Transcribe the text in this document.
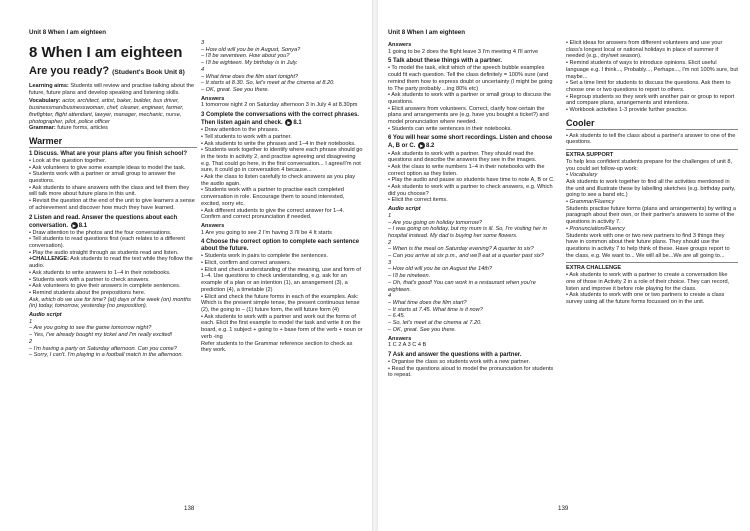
Unit 8 When I am eighteen
8 When I am eighteen
Are you ready? (Student's Book Unit 8)

Learning aims: Students will review and practise talking about the future, future plans and develop speaking and listening skills.

Vocabulary: actor, architect, artist, baker, builder, bus driver, businessman/businesswoman, chef, cleaner, engineer, farmer, firefighter, flight attendant, lawyer, manager, mechanic, nurse, photographer, pilot, police officer

Grammar: future forms, articles

Warmer
1 Discuss. What are your plans after you finish school?

• Look at the question together.

• Ask volunteers to give some example ideas to model the task.

• Students work with a partner or small group to answer the questions.

• Ask students to share answers with the class and tell them they will talk more about future plans in this unit.

• Revisit the question at the end of the unit to give learners a sense of achievement and discover how much they have learned.

2 Listen and read. Answer the questions about each conversation. ▶ 8.1

• Draw attention to the photos and the four conversations.

• Tell students to read questions first (each relates to a different conversation).

• Play the audio straight through as students read and listen.

+CHALLENGE: Ask students to read the text while they follow the audio.

• Ask students to write answers to 1–4 in their notebooks.

• Students work with a partner to check answers.

• Ask volunteers to give their answers in complete sentences.

• Remind students about the prepositions here.

Ask, which do we use for time? (at) days of the week (on) months (in) today, tomorrow, yesterday (no preposition).

Audio script

1

– Are you going to see the game tomorrow night?

– Yes, I've already bought my ticket and I'm really excited!

2

– I'm having a party on Saturday afternoon. Can you come?

– Sorry, I can't. I'm playing in a football match in the afternoon.

3

– How old will you be in August, Sonya?

– I'll be seventeen. How about you?

– I'll be eighteen. My birthday is in July.

4

– What time does the film start tonight?

– It starts at 8.30. So, let's meet at the cinema at 8.20.

– OK, great. See you there.

Answers

1 tomorrow night 2 on Saturday afternoon 3 in July 4 at 8.30pm

3 Complete the conversations with the correct phrases. Then listen again and check. ▶ 8.1

• Draw attention to the phrases.

• Tell students to work with a partner.

• Ask students to write the phrases and 1–4 in their notebooks.

• Students work together to identify where each phrase should go in the texts in activity 2, and practise agreeing and disagreeing e.g. That could go here, in the first conversation... I agree/I'm not sure, it could go in conversation 4 because...

• Ask the class to listen carefully to check answers as you play the audio again.

• Students work with a partner to practise each completed conversation in role. Encourage them to sound interested, excited, sorry etc.

• Ask different students to give the correct answer for 1–4. Confirm and correct pronunciation if needed.

Answers

1 Are you going to see 2 I'm having 3 I'll be 4 It starts

4 Choose the correct option to complete each sentence about the future.

• Students work in pairs to complete the sentences.

• Elicit, confirm and correct answers.

• Elicit and check understanding of the meaning, use and form of 1–4. Use questions to check understanding, e.g. ask for an example of a plan or an intention (1), an arrangement (3), a prediction (4), a timetable (2)

• Elicit and check the future forms in each of the examples. Ask: Which is the present simple tense, the present continuous tense (2), the going to – (1) future form, the will future form (4)

• Ask students to work with a partner and work out the forms of each. Elicit the first example to model the task and write it on the board, e.g. 1 subject + going to + base form of the verb + noun or verb -ing

Refer students to the Grammar reference section to check as they work.

138
Unit 8 When I am eighteen
Answers

1 going to be 2 does the flight leave 3 I'm meeting 4 I'll arrive

5 Talk about these things with a partner.

• To model the task, elicit which of the speech bubble examples could fit each question. Tell the class definitely = 100% sure (and remind them how to express doubt or uncertainty (I might be going to The party probably ...ing 80% etc)

• Ask students to work with a partner or small group to discuss the questions.

• Elicit answers from volunteers. Correct, clarify how certain the plans and arrangements are (e.g. have you bought a ticket?) and model pronunciation where needed.

• Students can write sentences in their notebooks.

6 You will hear some short recordings. Listen and choose A, B or C. ▶ 8.2

• Ask students to work with a partner. They should read the questions and describe the answers they see in the images.

• Ask the class to write numbers 1–4 in their notebooks with the correct option as they listen.

• Play the audio and pause so students have time to note A, B or C.

• Ask students to work with a partner to check answers, e.g. Which did you choose?

• Elicit the correct items.

Audio script

1

– Are you going on holiday tomorrow?

– I was going on holiday, but my mum is ill. So, I'm visiting her in hospital instead. My dad is buying her some flowers.

2

– When is the meal on Saturday evening? A quarter to six?

– Can you arrive at six p.m., and we'll eat at a quarter past six?

3

– How old will you be on August the 14th?

– I'll be nineteen.

– Oh, that's good! You can work in a restaurant when you're eighteen.

4

– What time does the film start?

– It starts at 7.45. What time is it now?

– 6.45.

– So, let's meet at the cinema at 7.20.

– OK, great. See you there.

Answers

1 C 2 A 3 C 4 B

7 Ask and answer the questions with a partner.

• Organise the class so students work with a new partner.

• Read the questions aloud to model the pronunciation for students to repeat.

• Elicit ideas for answers from different volunteers and use your class's longest local or national holidays in place of summer if needed (e.g., dry/wet season).

• Remind students of ways to introduce opinions. Elicit useful language e.g. I think..., Probably..., Perhaps..., I'm not 100% sure, but maybe...

• Set a time limit for students to discuss the questions. Ask them to choose one or two questions to report to others.

• Regroup students so they work with another pair or group to report and compare plans, arrangements and intentions.

• Workbook activities 1-3 provide further practice.

Cooler

• Ask students to tell the class about a partner's answer to one of the questions.

EXTRA SUPPORT

To help less confident students prepare for the challenges of unit 8, you could set follow-up work:

• Vocabulary

Ask students to work together to find all the activities mentioned in the unit and illustrate these by labelling sketches (e.g. birthday party, going to see a band etc.)

• Grammar/Fluency

Students practise future forms (plans and arrangements) by writing a paragraph about their own, or their partner's answers to some of the questions in activity 7.

• Pronunciation/Fluency

Students work with one or two new partners to find 3 things they have in common about their future plans. They should use the questions in activity 7 to help think of these. Have groups report to the class, e.g. We want to... We will all be...We are all going to...

EXTRA CHALLENGE

• Ask students to work with a partner to create a conversation like one of those in Activity 2 in a role of their choice. They can record, listen and improve it before role playing for the class.

• Ask students to work with one or two partners to create a class survey using all the future forms focussed on in the unit.

139
